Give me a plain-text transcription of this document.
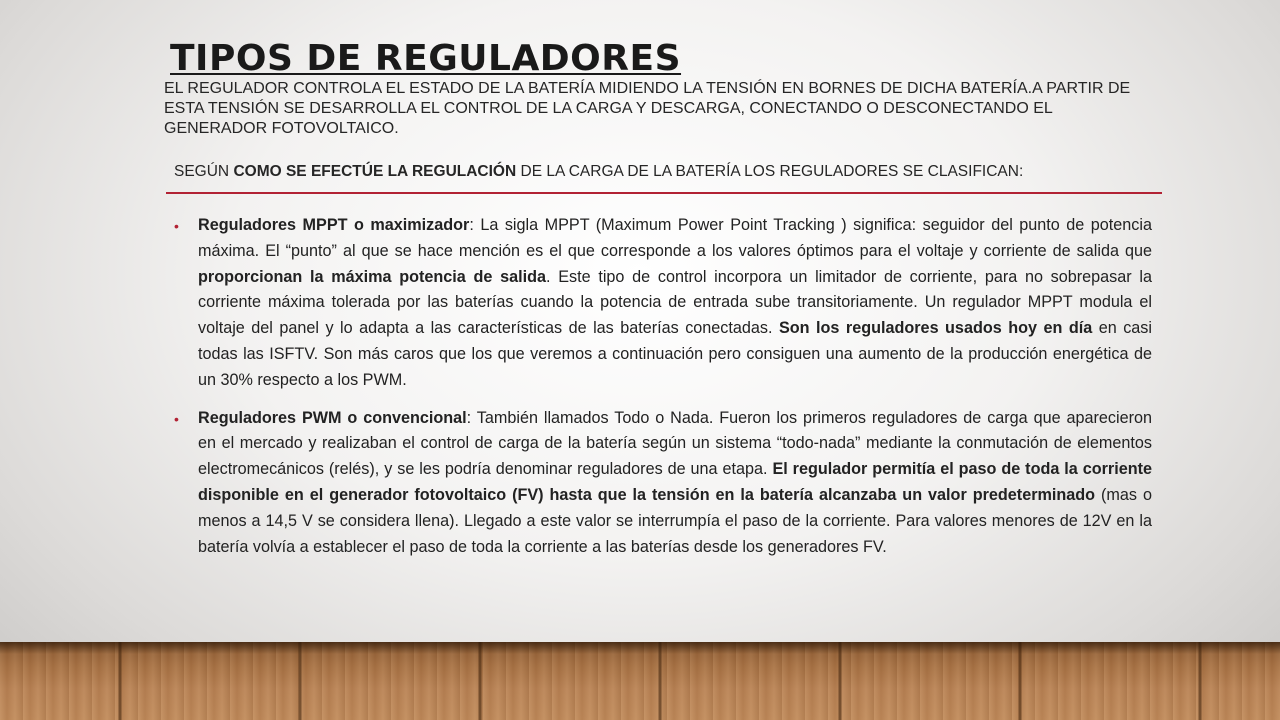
TIPOS DE REGULADORES

EL REGULADOR CONTROLA EL ESTADO DE LA BATERÍA MIDIENDO LA TENSIÓN EN BORNES DE DICHA BATERÍA.A PARTIR DE ESTA TENSIÓN SE DESARROLLA EL CONTROL DE LA CARGA Y DESCARGA, CONECTANDO O DESCONECTANDO EL GENERADOR FOTOVOLTAICO.

SEGÚN COMO SE EFECTÚE LA REGULACIÓN DE LA CARGA DE LA BATERÍA LOS REGULADORES SE CLASIFICAN:

• Reguladores MPPT o maximizador: La sigla MPPT (Maximum Power Point Tracking ) significa: seguidor del punto de potencia máxima. El “punto” al que se hace mención es el que corresponde a los valores óptimos para el voltaje y corriente de salida que proporcionan la máxima potencia de salida. Este tipo de control incorpora un limitador de corriente, para no sobrepasar la corriente máxima tolerada por las baterías cuando la potencia de entrada sube transitoriamente. Un regulador MPPT modula el voltaje del panel y lo adapta a las características de las baterías conectadas. Son los reguladores usados hoy en día en casi todas las ISFTV. Son más caros que los que veremos a continuación pero consiguen una aumento de la producción energética de un 30% respecto a los PWM.

• Reguladores PWM o convencional: También llamados Todo o Nada. Fueron los primeros reguladores de carga que aparecieron en el mercado y realizaban el control de carga de la batería según un sistema “todo-nada” mediante la conmutación de elementos electromecánicos (relés), y se les podría denominar reguladores de una etapa. El regulador permitía el paso de toda la corriente disponible en el generador fotovoltaico (FV) hasta que la tensión en la batería alcanzaba un valor predeterminado (mas o menos a 14,5 V se considera llena). Llegado a este valor se interrumpía el paso de la corriente. Para valores menores de 12V en la batería volvía a establecer el paso de toda la corriente a las baterías desde los generadores FV.
